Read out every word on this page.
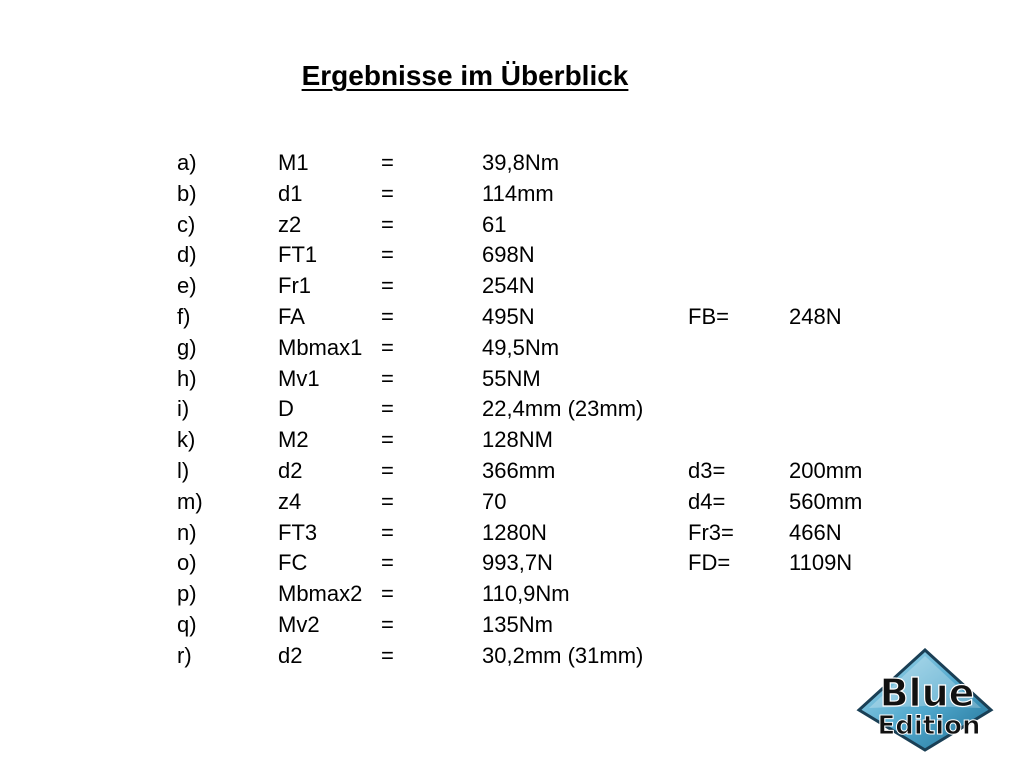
Ergebnisse im Überblick
a)	M1	=	39,8Nm		
b)	d1	=	114mm		
c)	z2	=	61		
d)	FT1	=	698N		
e)	Fr1	=	254N		
f)	FA	=	495N	FB=	248N
g)	Mbmax1	=	49,5Nm		
h)	Mv1	=	55NM		
i)	D	=	22,4mm (23mm)		
k)	M2	=	128NM		
l)	d2	=	366mm	d3=	200mm
m)	z4	=	70	d4=	560mm
n)	FT3	=	1280N	Fr3=	466N
o)	FC	=	993,7N	FD=	1109N
p)	Mbmax2	=	110,9Nm		
q)	Mv2	=	135Nm		
r)	d2	=	30,2mm (31mm)		
Blue
Edition
